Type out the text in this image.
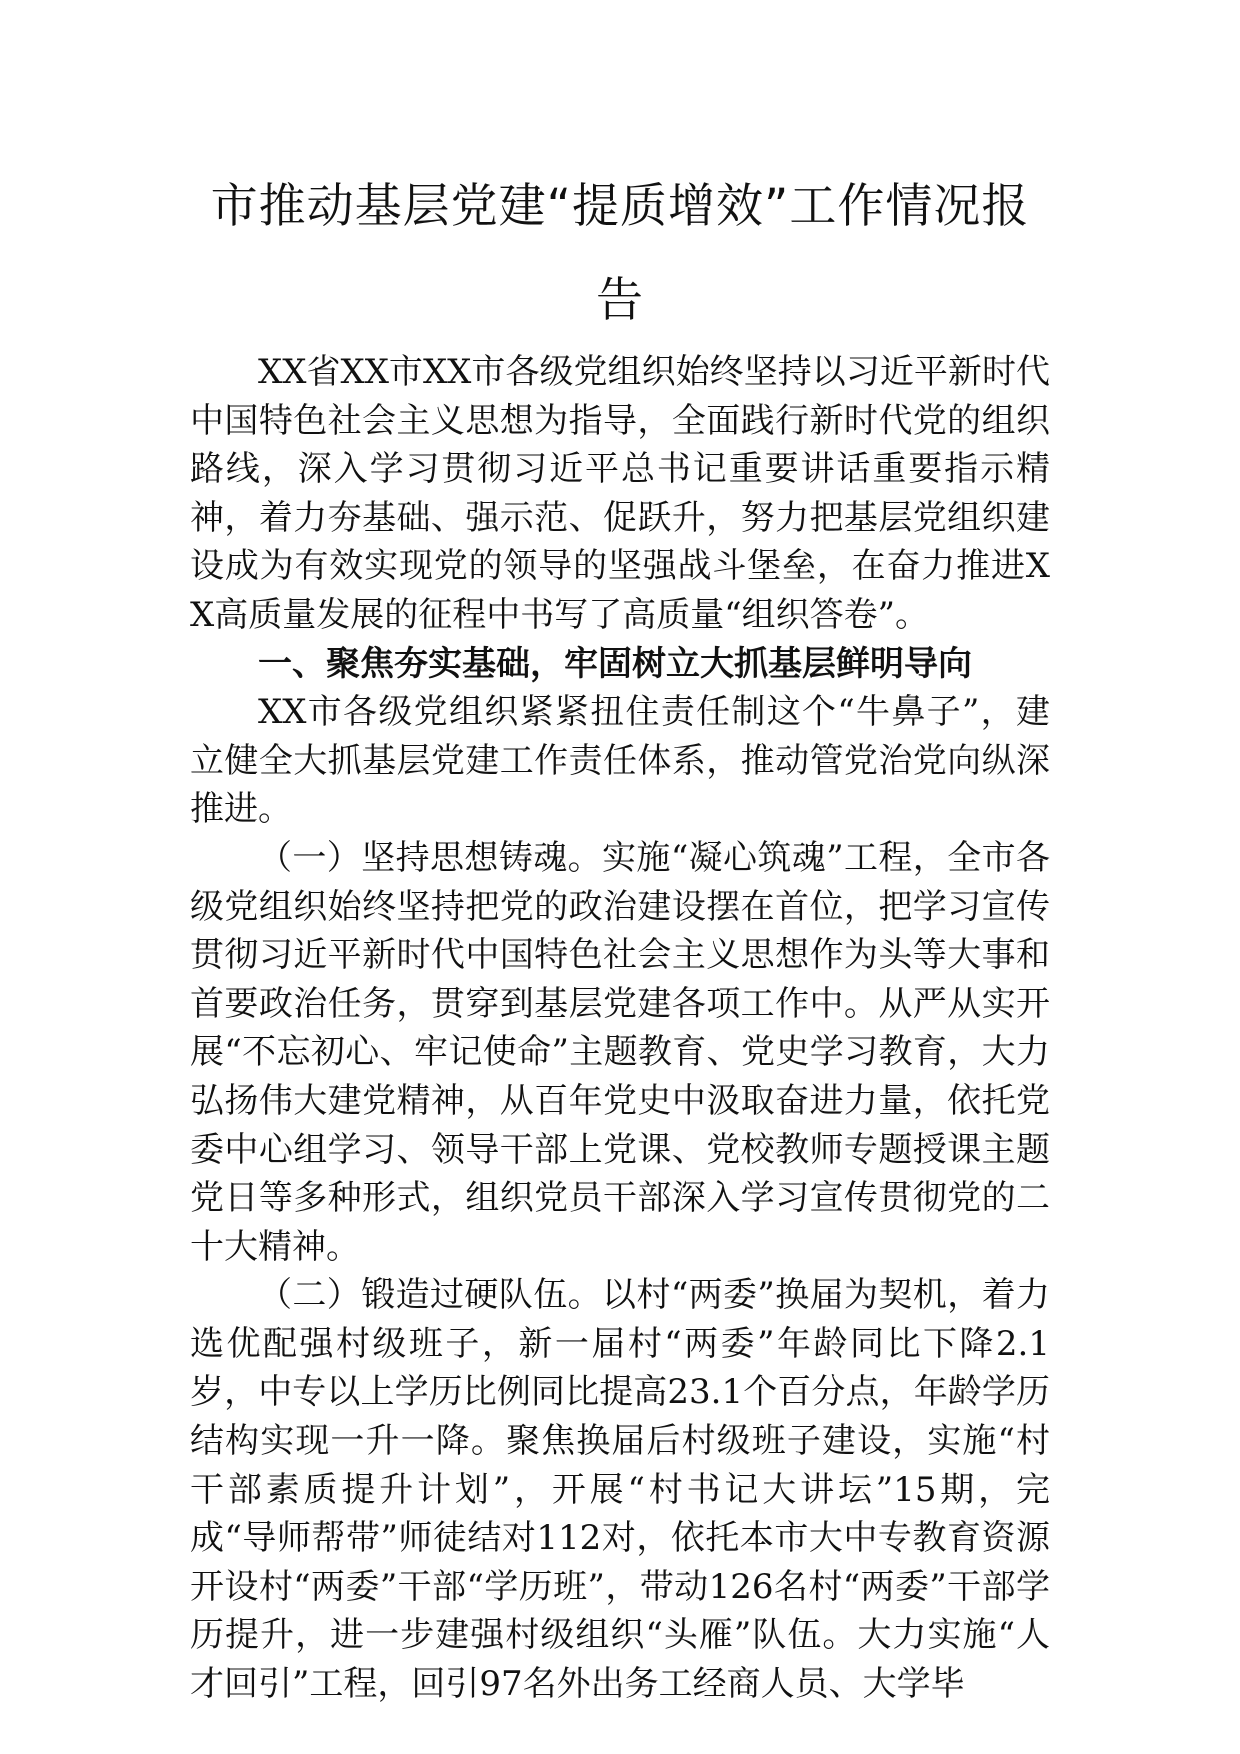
市推动基层党建“提质增效”工作情况报告

XX省XX市XX市各级党组织始终坚持以习近平新时代中国特色社会主义思想为指导，全面践行新时代党的组织路线，深入学习贯彻习近平总书记重要讲话重要指示精神，着力夯基础、强示范、促跃升，努力把基层党组织建设成为有效实现党的领导的坚强战斗堡垒，在奋力推进XX高质量发展的征程中书写了高质量“组织答卷”。

一、聚焦夯实基础，牢固树立大抓基层鲜明导向

XX市各级党组织紧紧扭住责任制这个“牛鼻子”，建立健全大抓基层党建工作责任体系，推动管党治党向纵深推进。

（一）坚持思想铸魂。实施“凝心筑魂”工程，全市各级党组织始终坚持把党的政治建设摆在首位，把学习宣传贯彻习近平新时代中国特色社会主义思想作为头等大事和首要政治任务，贯穿到基层党建各项工作中。从严从实开展“不忘初心、牢记使命”主题教育、党史学习教育，大力弘扬伟大建党精神，从百年党史中汲取奋进力量，依托党委中心组学习、领导干部上党课、党校教师专题授课主题党日等多种形式，组织党员干部深入学习宣传贯彻党的二十大精神。

（二）锻造过硬队伍。以村“两委”换届为契机，着力选优配强村级班子，新一届村“两委”年龄同比下降2.1岁，中专以上学历比例同比提高23.1个百分点，年龄学历结构实现一升一降。聚焦换届后村级班子建设，实施“村干部素质提升计划”，开展“村书记大讲坛”15期，完成“导师帮带”师徒结对112对，依托本市大中专教育资源开设村“两委”干部“学历班”，带动126名村“两委”干部学历提升，进一步建强村级组织“头雁”队伍。大力实施“人才回引”工程，回引97名外出务工经商人员、大学毕
